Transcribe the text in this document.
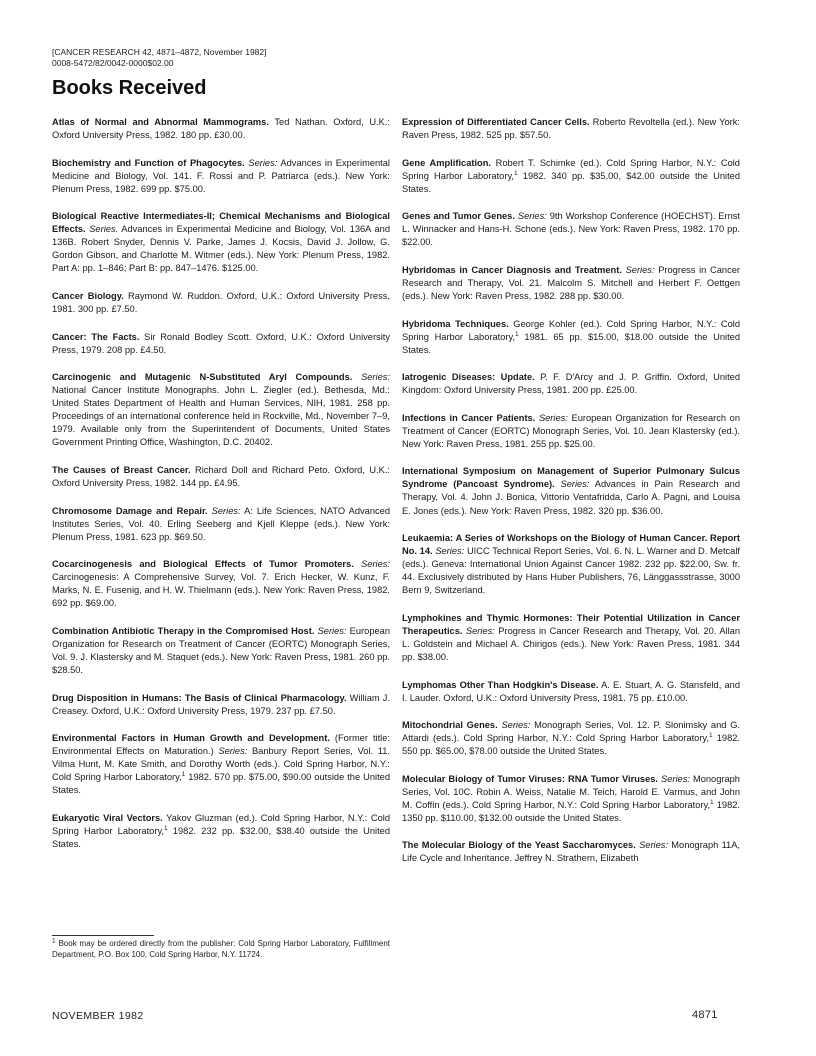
[CANCER RESEARCH 42, 4871–4872, November 1982]
0008-5472/82/0042-0000$02.00
Books Received

Atlas of Normal and Abnormal Mammograms. Ted Nathan. Oxford, U.K.: Oxford University Press, 1982. 180 pp. £30.00.

Biochemistry and Function of Phagocytes. Series: Advances in Experimental Medicine and Biology, Vol. 141. F. Rossi and P. Patriarca (eds.). New York: Plenum Press, 1982. 699 pp. $75.00.

Biological Reactive Intermediates-II; Chemical Mechanisms and Biological Effects. Series. Advances in Experimental Medicine and Biology, Vol. 136A and 136B. Robert Snyder, Dennis V. Parke, James J. Kocsis, David J. Jollow, G. Gordon Gibson, and Charlotte M. Witmer (eds.). New York: Plenum Press, 1982. Part A: pp. 1–846; Part B: pp. 847–1476. $125.00.

Cancer Biology. Raymond W. Ruddon. Oxford, U.K.: Oxford University Press, 1981. 300 pp. £7.50.

Cancer: The Facts. Sir Ronald Bodley Scott. Oxford, U.K.: Oxford University Press, 1979. 208 pp. £4.50.

Carcinogenic and Mutagenic N-Substituted Aryl Compounds. Series: National Cancer Institute Monographs. John L. Ziegler (ed.). Bethesda, Md.: United States Department of Health and Human Services, NIH, 1981. 258 pp. Proceedings of an international conference held in Rockville, Md., November 7–9, 1979. Available only from the Superintendent of Documents, United States Government Printing Office, Washington, D.C. 20402.

The Causes of Breast Cancer. Richard Doll and Richard Peto. Oxford, U.K.: Oxford University Press, 1982. 144 pp. £4.95.

Chromosome Damage and Repair. Series: A: Life Sciences, NATO Advanced Institutes Series, Vol. 40. Erling Seeberg and Kjell Kleppe (eds.). New York: Plenum Press, 1981. 623 pp. $69.50.

Cocarcinogenesis and Biological Effects of Tumor Promoters. Series: Carcinogenesis: A Comprehensive Survey, Vol. 7. Erich Hecker, W. Kunz, F. Marks, N. E. Fusenig, and H. W. Thielmann (eds.). New York: Raven Press, 1982. 692 pp. $69.00.

Combination Antibiotic Therapy in the Compromised Host. Series: European Organization for Research on Treatment of Cancer (EORTC) Monograph Series, Vol. 9. J. Klastersky and M. Staquet (eds.). New York: Raven Press, 1981. 260 pp. $28.50.

Drug Disposition in Humans: The Basis of Clinical Pharmacology. William J. Creasey. Oxford, U.K.: Oxford University Press, 1979. 237 pp. £7.50.

Environmental Factors in Human Growth and Development. (Former title: Environmental Effects on Maturation.) Series: Banbury Report Series, Vol. 11. Vilma Hunt, M. Kate Smith, and Dorothy Worth (eds.). Cold Spring Harbor, N.Y.: Cold Spring Harbor Laboratory,$^1$ 1982. 570 pp. $75.00, $90.00 outside the United States.

Eukaryotic Viral Vectors. Yakov Gluzman (ed.). Cold Spring Harbor, N.Y.: Cold Spring Harbor Laboratory,$^1$ 1982. 232 pp. $32.00, $38.40 outside the United States.

Expression of Differentiated Cancer Cells. Roberto Revoltella (ed.). New York: Raven Press, 1982. 525 pp. $57.50.

Gene Amplification. Robert T. Schimke (ed.). Cold Spring Harbor, N.Y.: Cold Spring Harbor Laboratory,$^1$ 1982. 340 pp. $35.00, $42.00 outside the United States.

Genes and Tumor Genes. Series: 9th Workshop Conference (HOECHST). Ernst L. Winnacker and Hans-H. Schone (eds.). New York: Raven Press, 1982. 170 pp. $22.00.

Hybridomas in Cancer Diagnosis and Treatment. Series: Progress in Cancer Research and Therapy, Vol. 21. Malcolm S. Mitchell and Herbert F. Oettgen (eds.). New York: Raven Press, 1982. 288 pp. $30.00.

Hybridoma Techniques. George Kohler (ed.). Cold Spring Harbor, N.Y.: Cold Spring Harbor Laboratory,$^1$ 1981. 65 pp. $15.00, $18.00 outside the United States.

Iatrogenic Diseases: Update. P. F. D'Arcy and J. P. Griffin. Oxford, United Kingdom: Oxford University Press, 1981. 200 pp. £25.00.

Infections in Cancer Patients. Series: European Organization for Research on Treatment of Cancer (EORTC) Monograph Series, Vol. 10. Jean Klastersky (ed.). New York: Raven Press, 1981. 255 pp. $25.00.

International Symposium on Management of Superior Pulmonary Sulcus Syndrome (Pancoast Syndrome). Series: Advances in Pain Research and Therapy, Vol. 4. John J. Bonica, Vittorio Ventafridda, Carlo A. Pagni, and Louisa E. Jones (eds.). New York: Raven Press, 1982. 320 pp. $36.00.

Leukaemia: A Series of Workshops on the Biology of Human Cancer. Report No. 14. Series: UICC Technical Report Series, Vol. 6. N. L. Warner and D. Metcalf (eds.). Geneva: International Union Against Cancer 1982. 232 pp. $22.00, Sw. fr. 44. Exclusively distributed by Hans Huber Publishers, 76, Länggassstrasse, 3000 Bern 9, Switzerland.

Lymphokines and Thymic Hormones: Their Potential Utilization in Cancer Therapeutics. Series: Progress in Cancer Research and Therapy, Vol. 20. Allan L. Goldstein and Michael A. Chirigos (eds.). New York: Raven Press, 1981. 344 pp. $38.00.

Lymphomas Other Than Hodgkin's Disease. A. E. Stuart, A. G. Stansfeld, and I. Lauder. Oxford, U.K.: Oxford University Press, 1981. 75 pp. £10.00.

Mitochondrial Genes. Series: Monograph Series, Vol. 12. P. Slonimsky and G. Attardi (eds.). Cold Spring Harbor, N.Y.: Cold Spring Harbor Laboratory,$^1$ 1982. 550 pp. $65.00, $78.00 outside the United States.

Molecular Biology of Tumor Viruses: RNA Tumor Viruses. Series: Monograph Series, Vol. 10C. Robin A. Weiss, Natalie M. Teich, Harold E. Varmus, and John M. Coffin (eds.). Cold Spring Harbor, N.Y.: Cold Spring Harbor Laboratory,$^1$ 1982. 1350 pp. $110.00, $132.00 outside the United States.

The Molecular Biology of the Yeast Saccharomyces. Series: Monograph 11A, Life Cycle and Inheritance. Jeffrey N. Strathern, Elizabeth

$^1$ Book may be ordered directly from the publisher: Cold Spring Harbor Laboratory, Fulfillment Department, P.O. Box 100, Cold Spring Harbor, N.Y. 11724.
NOVEMBER 1982	4871
